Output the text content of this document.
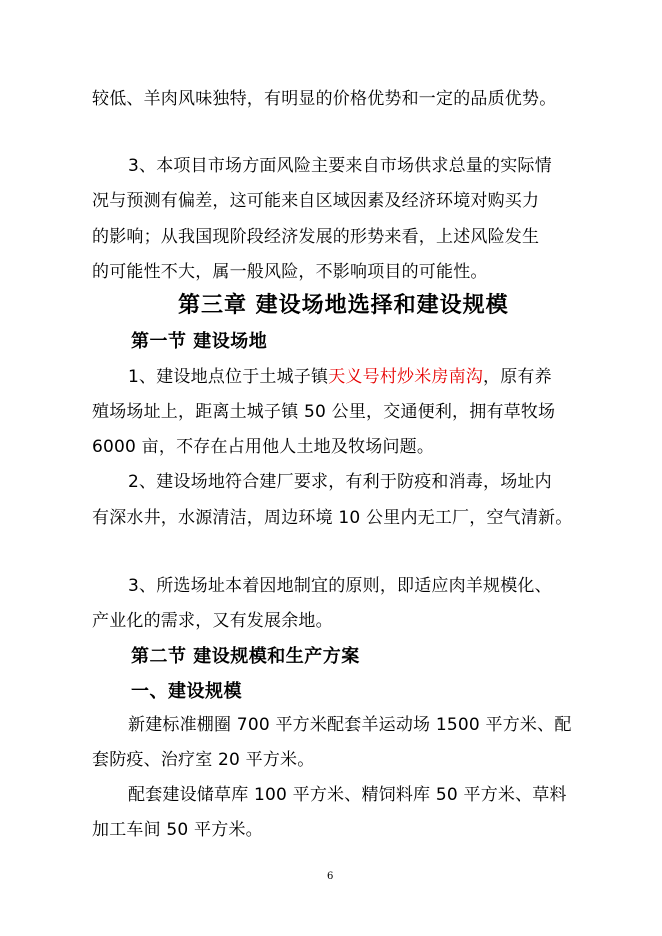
较低、羊肉风味独特，有明显的价格优势和一定的品质优势。
3、本项目市场方面风险主要来自市场供求总量的实际情
况与预测有偏差，这可能来自区域因素及经济环境对购买力
的影响；从我国现阶段经济发展的形势来看，上述风险发生
的可能性不大，属一般风险，不影响项目的可能性。
第三章 建设场地选择和建设规模
第一节 建设场地
1、建设地点位于土城子镇天义号村炒米房南沟，原有养
殖场场址上，距离土城子镇 50 公里，交通便利，拥有草牧场
6000 亩，不存在占用他人土地及牧场问题。
2、建设场地符合建厂要求，有利于防疫和消毒，场址内
有深水井，水源清洁，周边环境 10 公里内无工厂，空气清新。
3、所选场址本着因地制宜的原则，即适应肉羊规模化、
产业化的需求，又有发展余地。
第二节 建设规模和生产方案
一、建设规模
新建标准棚圈 700 平方米配套羊运动场 1500 平方米、配
套防疫、治疗室 20 平方米。
配套建设储草库 100 平方米、精饲料库 50 平方米、草料
加工车间 50 平方米。
6
